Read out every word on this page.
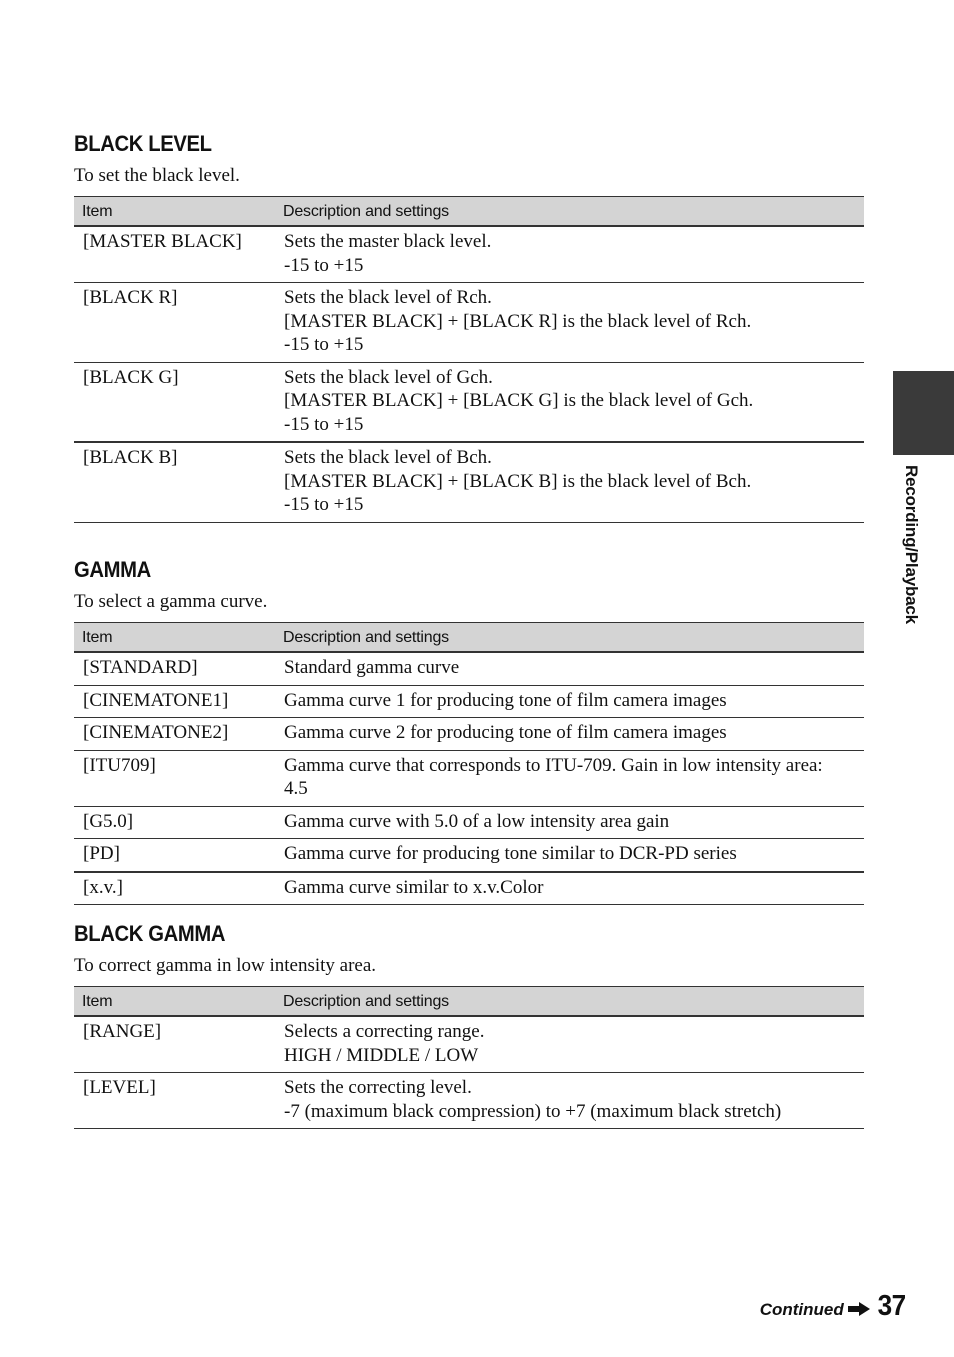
BLACK LEVEL

To set the black level.

Item	Description and settings
[MASTER BLACK]	Sets the master black level.
-15 to +15

[BLACK R]	Sets the black level of Rch.
[MASTER BLACK] + [BLACK R] is the black level of Rch.
-15 to +15

[BLACK G]	Sets the black level of Gch.
[MASTER BLACK] + [BLACK G] is the black level of Gch.
-15 to +15

[BLACK B]	Sets the black level of Bch.
[MASTER BLACK] + [BLACK B] is the black level of Bch.
-15 to +15
GAMMA

To select a gamma curve.

Item	Description and settings
[STANDARD]	Standard gamma curve

[CINEMATONE1]	Gamma curve 1 for producing tone of film camera images

[CINEMATONE2]	Gamma curve 2 for producing tone of film camera images

[ITU709]	Gamma curve that corresponds to ITU-709. Gain in low intensity area:
4.5

[G5.0]	Gamma curve with 5.0 of a low intensity area gain

[PD]	Gamma curve for producing tone similar to DCR-PD series

[x.v.]	Gamma curve similar to x.v.Color
BLACK GAMMA

To correct gamma in low intensity area.

Item	Description and settings
[RANGE]	Selects a correcting range.
HIGH / MIDDLE / LOW

[LEVEL]	Sets the correcting level.
-7 (maximum black compression) to +7 (maximum black stretch)
Recording/Playback
Continued 37
